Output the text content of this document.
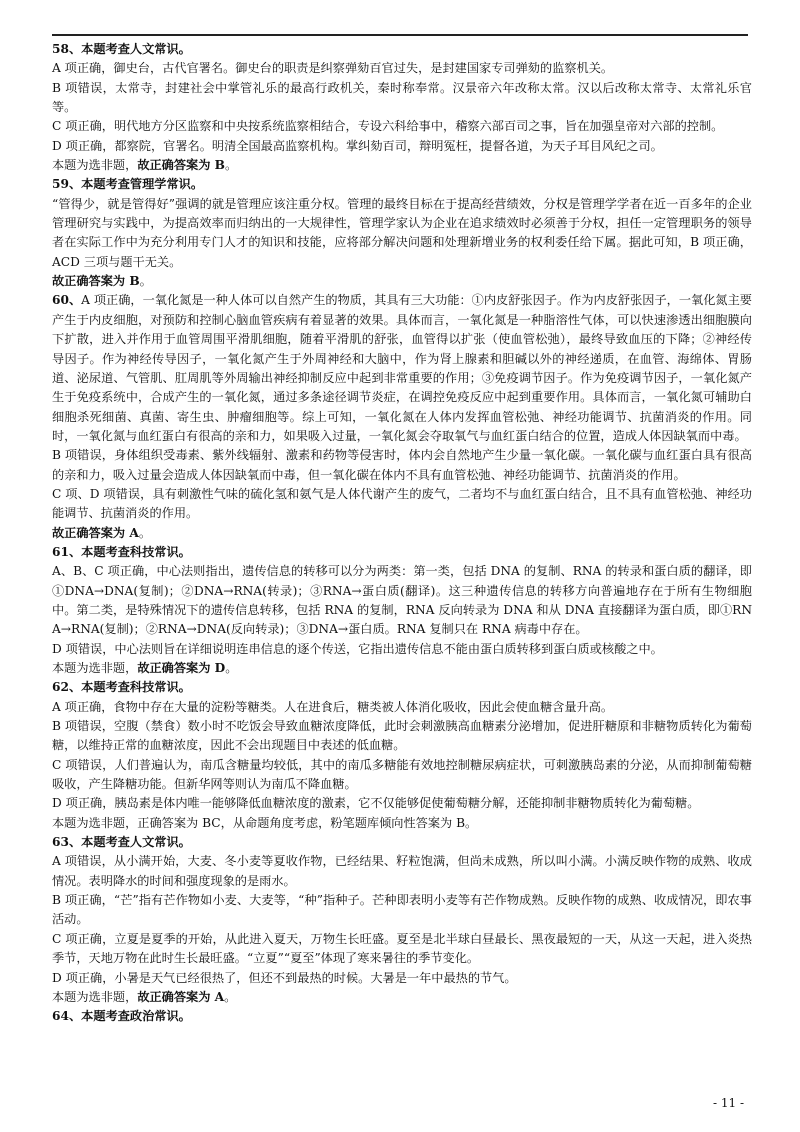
58、本题考查人文常识。

A 项正确，御史台，古代官署名。御史台的职责是纠察弹劾百官过失，是封建国家专司弹劾的监察机关。

B 项错误，太常寺，封建社会中掌管礼乐的最高行政机关，秦时称奉常。汉景帝六年改称太常。汉以后改称太常寺、太常礼乐官等。

C 项正确，明代地方分区监察和中央按系统监察相结合，专设六科给事中，稽察六部百司之事，旨在加强皇帝对六部的控制。

D 项正确，都察院，官署名。明清全国最高监察机构。掌纠劾百司，辩明冤枉，提督各道，为天子耳目风纪之司。

本题为选非题，故正确答案为 B。

59、本题考查管理学常识。

“管得少，就是管得好”强调的就是管理应该注重分权。管理的最终目标在于提高经营绩效，分权是管理学学者在近一百多年的企业管理研究与实践中，为提高效率而归纳出的一大规律性，管理学家认为企业在追求绩效时必须善于分权，担任一定管理职务的领导者在实际工作中为充分利用专门人才的知识和技能，应将部分解决问题和处理新增业务的权利委任给下属。据此可知，B 项正确，ACD 三项与题干无关。

故正确答案为 B。

60、A 项正确，一氧化氮是一种人体可以自然产生的物质，其具有三大功能：①内皮舒张因子。作为内皮舒张因子，一氧化氮主要产生于内皮细胞，对预防和控制心脑血管疾病有着显著的效果。具体而言，一氧化氮是一种脂溶性气体，可以快速渗透出细胞膜向下扩散，进入并作用于血管周围平滑肌细胞，随着平滑肌的舒张，血管得以扩张（使血管松弛），最终导致血压的下降；②神经传导因子。作为神经传导因子，一氧化氮产生于外周神经和大脑中，作为肾上腺素和胆碱以外的神经递质，在血管、海绵体、胃肠道、泌尿道、气管肌、肛周肌等外周输出神经抑制反应中起到非常重要的作用；③免疫调节因子。作为免疫调节因子，一氧化氮产生于免疫系统中，合成产生的一氧化氮，通过多条途径调节炎症，在调控免疫反应中起到重要作用。具体而言，一氧化氮可辅助白细胞杀死细菌、真菌、寄生虫、肿瘤细胞等。综上可知，一氧化氮在人体内发挥血管松弛、神经功能调节、抗菌消炎的作用。同时，一氧化氮与血红蛋白有很高的亲和力，如果吸入过量，一氧化氮会夺取氧气与血红蛋白结合的位置，造成人体因缺氧而中毒。

B 项错误，身体组织受毒素、紫外线辐射、激素和药物等侵害时，体内会自然地产生少量一氧化碳。一氧化碳与血红蛋白具有很高的亲和力，吸入过量会造成人体因缺氧而中毒，但一氧化碳在体内不具有血管松弛、神经功能调节、抗菌消炎的作用。

C 项、D 项错误，具有刺激性气味的硫化氢和氨气是人体代谢产生的废气，二者均不与血红蛋白结合，且不具有血管松弛、神经功能调节、抗菌消炎的作用。

故正确答案为 A。

61、本题考查科技常识。

A、B、C 项正确，中心法则指出，遗传信息的转移可以分为两类：第一类，包括 DNA 的复制、RNA 的转录和蛋白质的翻译，即①DNA→DNA(复制)；②DNA→RNA(转录)；③RNA→蛋白质(翻译)。这三种遗传信息的转移方向普遍地存在于所有生物细胞中。第二类，是特殊情况下的遗传信息转移，包括 RNA 的复制，RNA 反向转录为 DNA 和从 DNA 直接翻译为蛋白质，即①RNA→RNA(复制)；②RNA→DNA(反向转录)；③DNA→蛋白质。RNA 复制只在 RNA 病毒中存在。

D 项错误，中心法则旨在详细说明连串信息的逐个传送，它指出遗传信息不能由蛋白质转移到蛋白质或核酸之中。

本题为选非题，故正确答案为 D。

62、本题考查科技常识。

A 项正确，食物中存在大量的淀粉等糖类。人在进食后，糖类被人体消化吸收，因此会使血糖含量升高。

B 项错误，空腹（禁食）数小时不吃饭会导致血糖浓度降低，此时会刺激胰高血糖素分泌增加，促进肝糖原和非糖物质转化为葡萄糖，以维持正常的血糖浓度，因此不会出现题目中表述的低血糖。

C 项错误，人们普遍认为，南瓜含糖量均较低，其中的南瓜多糖能有效地控制糖尿病症状，可刺激胰岛素的分泌，从而抑制葡萄糖吸收，产生降糖功能。但新华网等则认为南瓜不降血糖。

D 项正确，胰岛素是体内唯一能够降低血糖浓度的激素，它不仅能够促使葡萄糖分解，还能抑制非糖物质转化为葡萄糖。

本题为选非题，正确答案为 BC，从命题角度考虑，粉笔题库倾向性答案为 B。

63、本题考查人文常识。

A 项错误，从小满开始，大麦、冬小麦等夏收作物，已经结果、籽粒饱满，但尚未成熟，所以叫小满。小满反映作物的成熟、收成情况。表明降水的时间和强度现象的是雨水。

B 项正确，“芒”指有芒作物如小麦、大麦等，“种”指种子。芒种即表明小麦等有芒作物成熟。反映作物的成熟、收成情况，即农事活动。

C 项正确，立夏是夏季的开始，从此进入夏天，万物生长旺盛。夏至是北半球白昼最长、黑夜最短的一天，从这一天起，进入炎热季节，天地万物在此时生长最旺盛。“立夏”“夏至”体现了寒来暑往的季节变化。

D 项正确，小暑是天气已经很热了，但还不到最热的时候。大暑是一年中最热的节气。

本题为选非题，故正确答案为 A。

64、本题考查政治常识。

- 11 -
